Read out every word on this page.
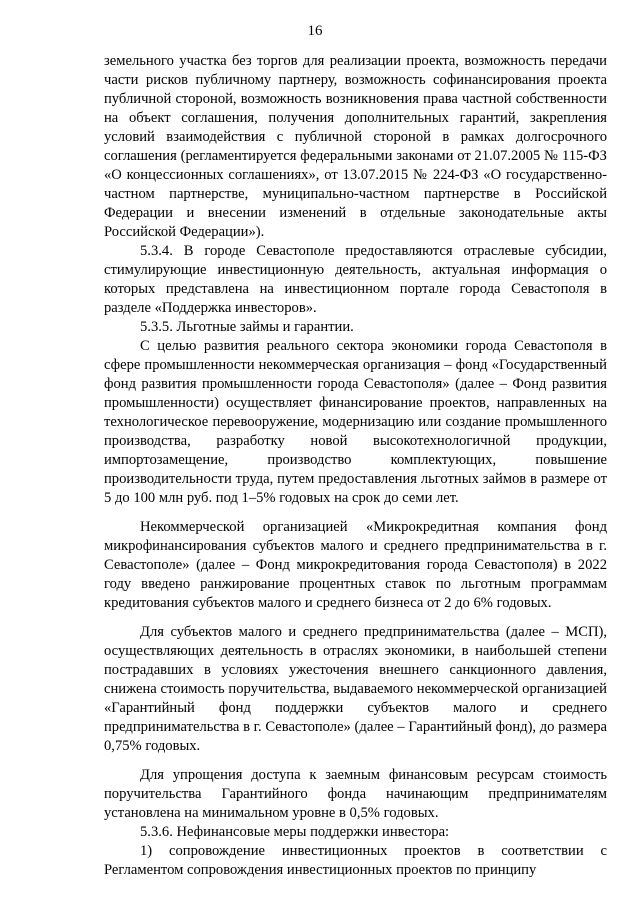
16

земельного участка без торгов для реализации проекта, возможность передачи части рисков публичному партнеру, возможность софинансирования проекта публичной стороной, возможность возникновения права частной собственности на объект соглашения, получения дополнительных гарантий, закрепления условий взаимодействия с публичной стороной в рамках долгосрочного соглашения (регламентируется федеральными законами от 21.07.2005 № 115-ФЗ «О концессионных соглашениях», от 13.07.2015 № 224-ФЗ «О государственно-частном партнерстве, муниципально-частном партнерстве в Российской Федерации и внесении изменений в отдельные законодательные акты Российской Федерации»).

5.3.4. В городе Севастополе предоставляются отраслевые субсидии, стимулирующие инвестиционную деятельность, актуальная информация о которых представлена на инвестиционном портале города Севастополя в разделе «Поддержка инвесторов».

5.3.5. Льготные займы и гарантии.

С целью развития реального сектора экономики города Севастополя в сфере промышленности некоммерческая организация – фонд «Государственный фонд развития промышленности города Севастополя» (далее – Фонд развития промышленности) осуществляет финансирование проектов, направленных на технологическое перевооружение, модернизацию или создание промышленного производства, разработку новой высокотехнологичной продукции, импортозамещение, производство комплектующих, повышение производительности труда, путем предоставления льготных займов в размере от 5 до 100 млн руб. под 1–5% годовых на срок до семи лет.

Некоммерческой организацией «Микрокредитная компания фонд микрофинансирования субъектов малого и среднего предпринимательства в г. Севастополе» (далее – Фонд микрокредитования города Севастополя) в 2022 году введено ранжирование процентных ставок по льготным программам кредитования субъектов малого и среднего бизнеса от 2 до 6% годовых.

Для субъектов малого и среднего предпринимательства (далее – МСП), осуществляющих деятельность в отраслях экономики, в наибольшей степени пострадавших в условиях ужесточения внешнего санкционного давления, снижена стоимость поручительства, выдаваемого некоммерческой организацией «Гарантийный фонд поддержки субъектов малого и среднего предпринимательства в г. Севастополе» (далее – Гарантийный фонд), до размера 0,75% годовых.

Для упрощения доступа к заемным финансовым ресурсам стоимость поручительства Гарантийного фонда начинающим предпринимателям установлена на минимальном уровне в 0,5% годовых.

5.3.6. Нефинансовые меры поддержки инвестора:

1) сопровождение инвестиционных проектов в соответствии с Регламентом сопровождения инвестиционных проектов по принципу
